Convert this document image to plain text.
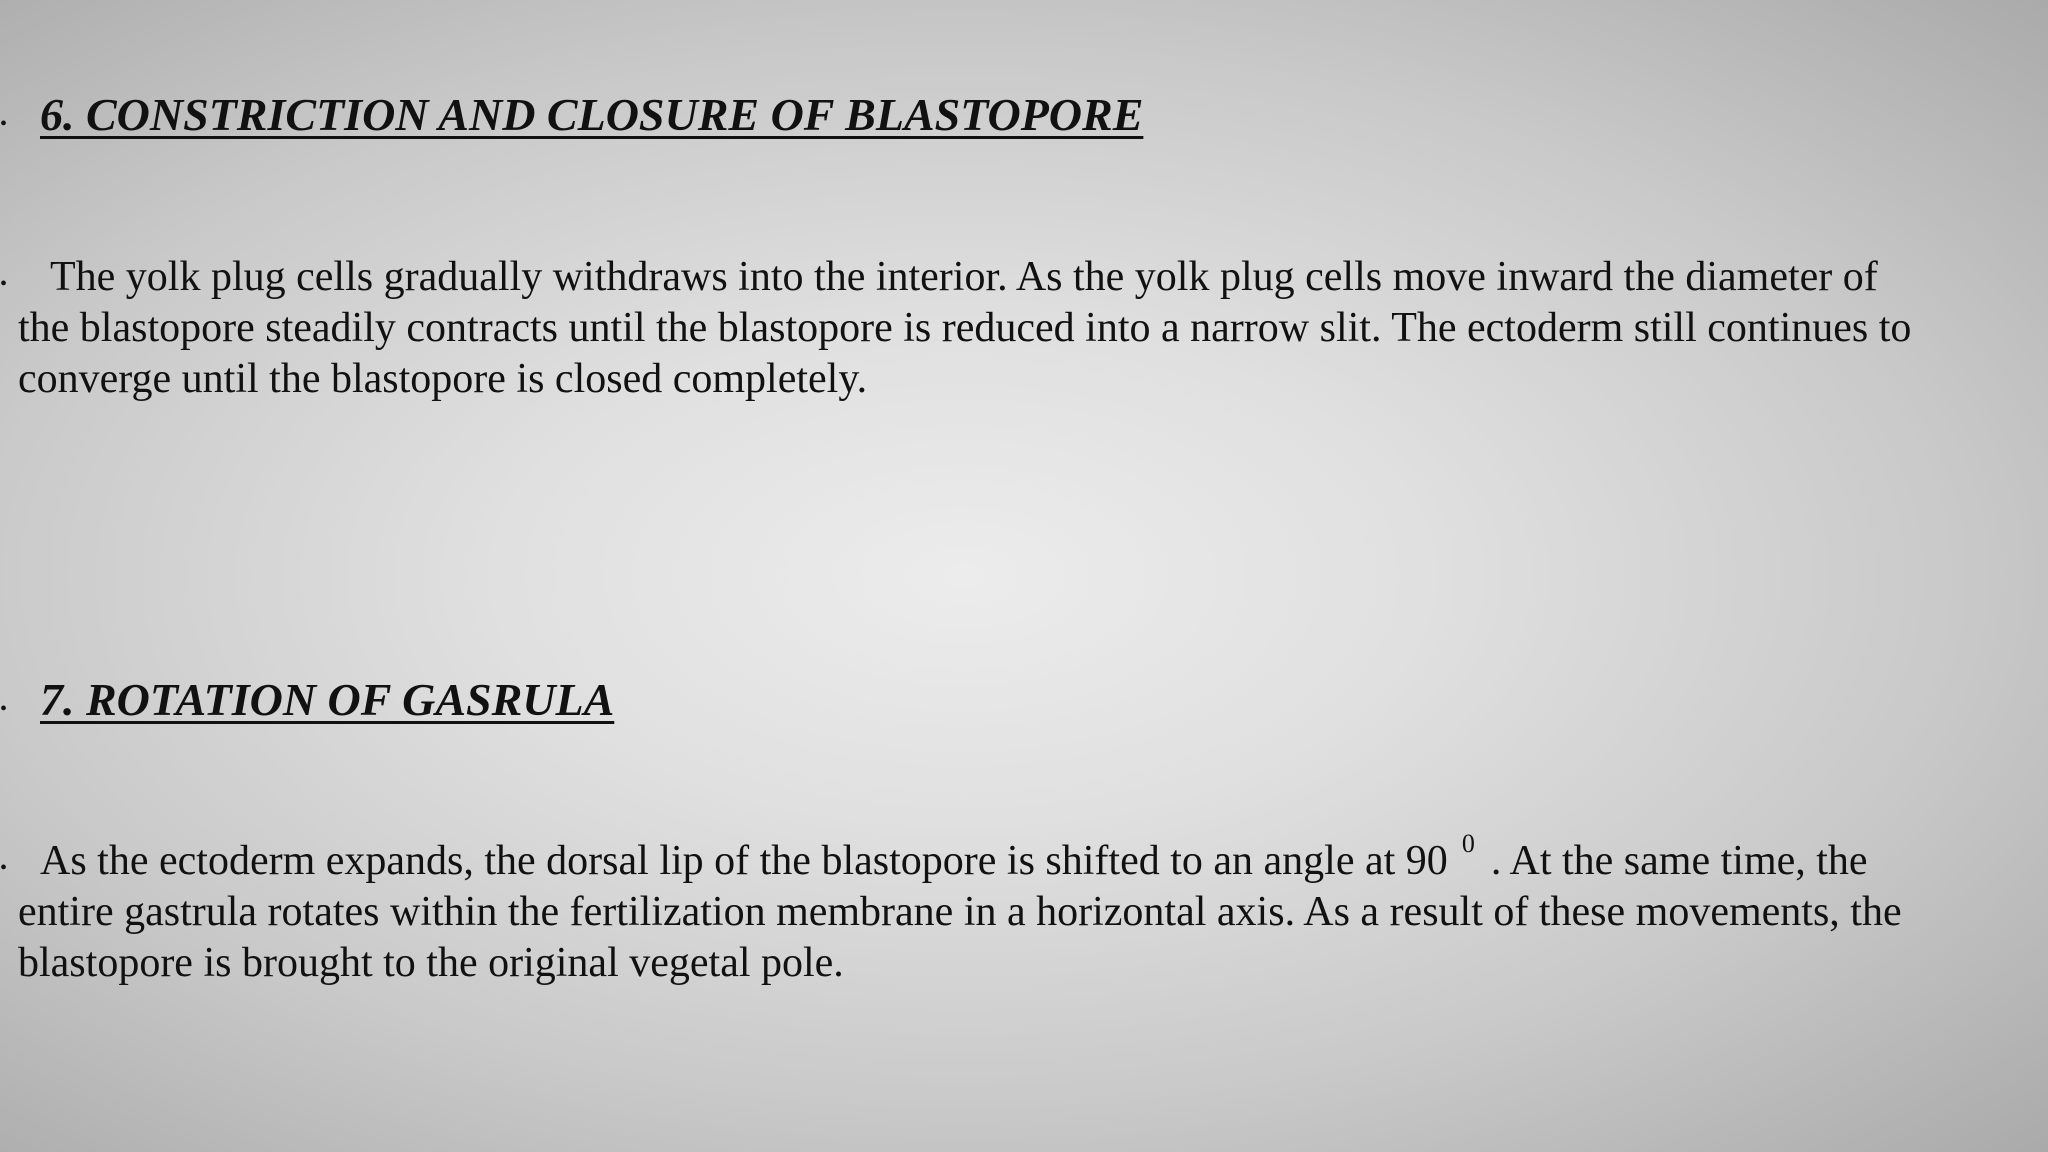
• 6. CONSTRICTION AND CLOSURE OF BLASTOPORE
•	The yolk plug cells gradually withdraws into the interior. As the yolk plug cells move inward the diameter of the blastopore steadily contracts until the blastopore is reduced into a narrow slit. The ectoderm still continues to converge until the blastopore is closed completely.
• 7. ROTATION OF GASRULA
• As the ectoderm expands, the dorsal lip of the blastopore is shifted to an angle at 90 $^0$ . At the same time, the entire gastrula rotates within the fertilization membrane in a horizontal axis. As a result of these movements, the blastopore is brought to the original vegetal pole.
